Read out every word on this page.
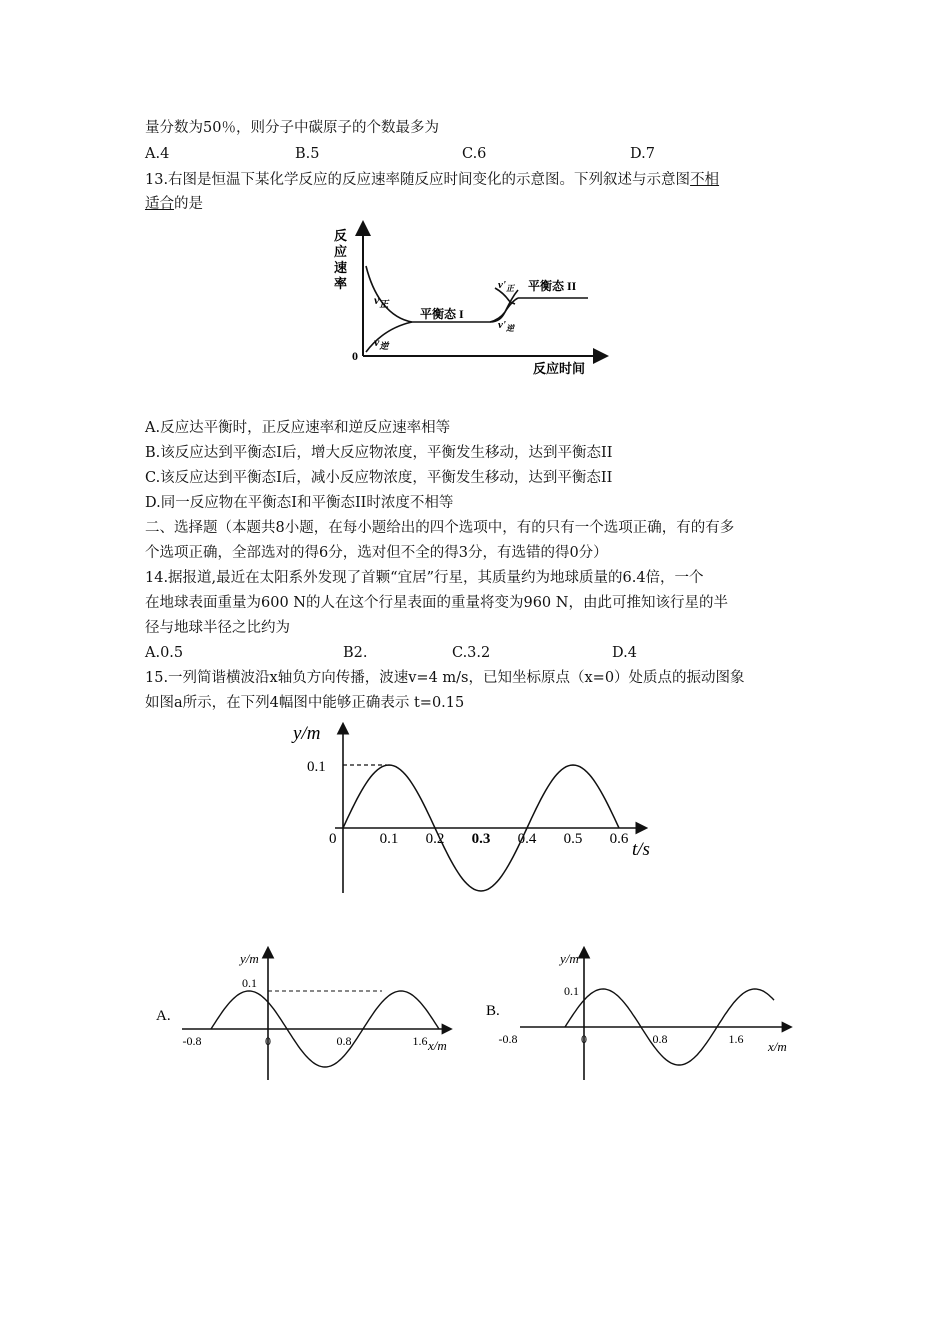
量分数为50％，则分子中碳原子的个数最多为
A.4	B.5	C.6	D.7
13.右图是恒温下某化学反应的反应速率随反应时间变化的示意图。下列叙述与示意图不相
适合的是
反
应
速
率
0
反应时间
$v_正$
$v_逆$
平衡态 I
$v'_正$
$v'_逆$
平衡态 II
A.反应达平衡时，正反应速率和逆反应速率相等
B.该反应达到平衡态I后，增大反应物浓度，平衡发生移动，达到平衡态II
C.该反应达到平衡态I后，减小反应物浓度，平衡发生移动，达到平衡态II
D.同一反应物在平衡态I和平衡态II时浓度不相等
二、选择题（本题共8小题，在每小题给出的四个选项中，有的只有一个选项正确，有的有多
个选项正确，全部选对的得6分，选对但不全的得3分，有选错的得0分）
14.据报道,最近在太阳系外发现了首颗“宜居”行星，其质量约为地球质量的6.4倍，一个
在地球表面重量为600 N的人在这个行星表面的重量将变为960 N，由此可推知该行星的半
径与地球半径之比约为
A.0.5	B2.	C.3.2	D.4
15.一列简谐横波沿x轴负方向传播，波速v=4 m/s，已知坐标原点（x=0）处质点的振动图象
如图a所示，在下列4幅图中能够正确表示 t=0.15
y/m
t/s
0.1
0	0.1 0.2 0.3 0.4 0.5 0.6
A.
y/m
x/m
0.1
-0.8	0	0.8	1.6
B.
y/m
x/m
0.1
-0.8	0	0.8	1.6
